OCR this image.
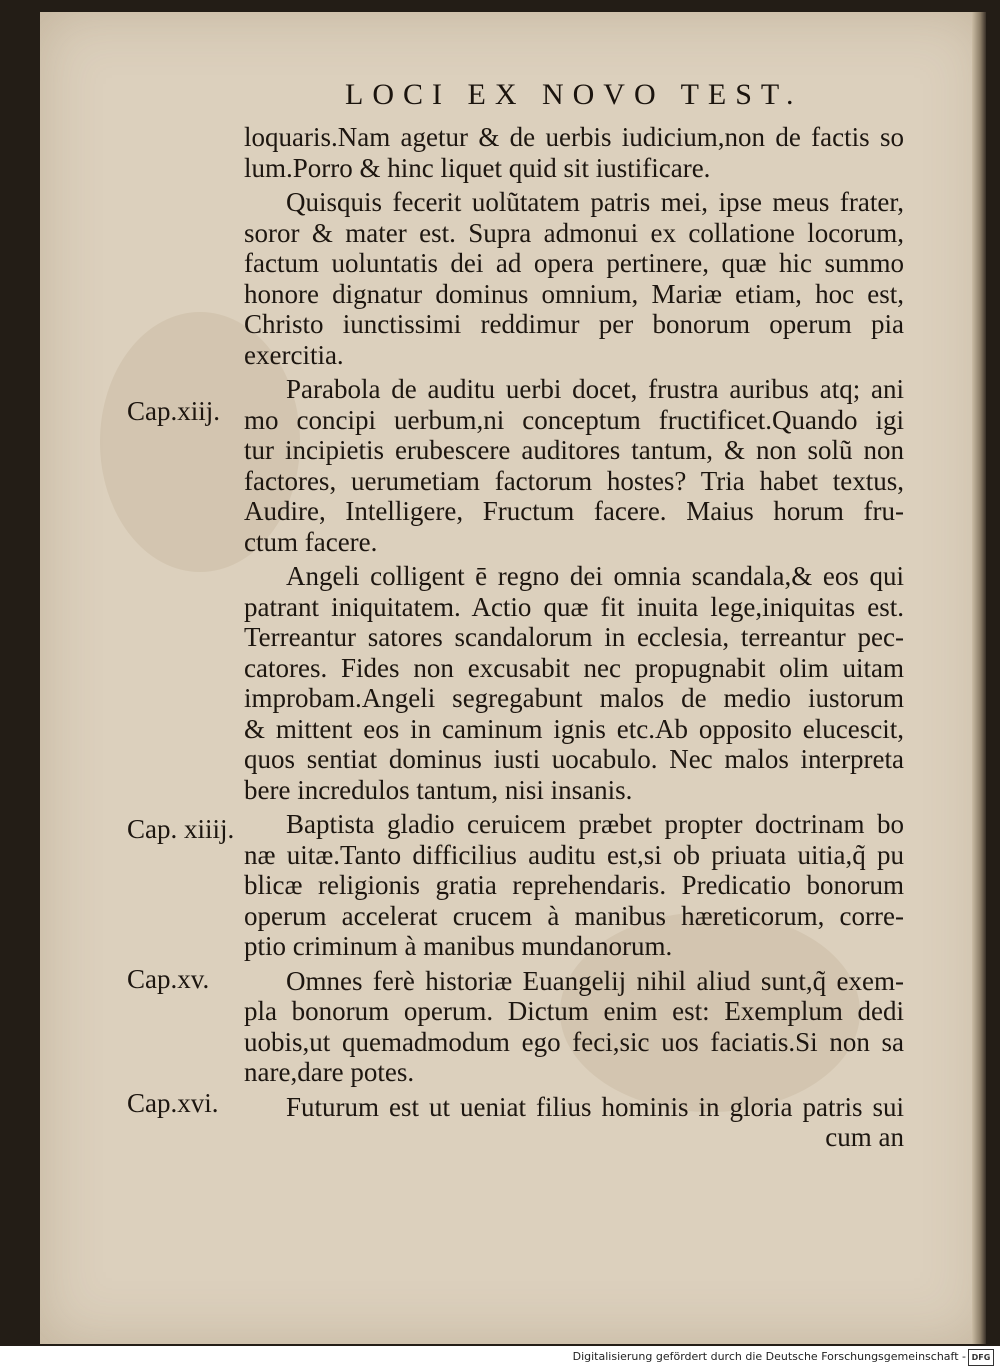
LOCI EX NOVO TEST.
loquaris.Nam agetur & de uerbis iudicium,non de factis so
lum.Porro & hinc liquet quid sit iustificare.
Quisquis fecerit uolũtatem patris mei, ipse meus frater,
soror & mater est. Supra admonui ex collatione locorum,
factum uoluntatis dei ad opera pertinere, quæ hic summo
honore dignatur dominus omnium, Mariæ etiam, hoc est,
Christo iunctissimi reddimur per bonorum operum pia
exercitia.
Parabola de auditu uerbi docet, frustra auribus atq; ani
mo concipi uerbum,ni conceptum fructificet.Quando igi
tur incipietis erubescere auditores tantum, & non solũ non
factores, uerumetiam factorum hostes? Tria habet textus,
Audire, Intelligere, Fructum facere. Maius horum fru-
ctum facere.
Angeli colligent ē regno dei omnia scandala,& eos qui
patrant iniquitatem. Actio quæ fit inuita lege,iniquitas est.
Terreantur satores scandalorum in ecclesia, terreantur pec-
catores. Fides non excusabit nec propugnabit olim uitam
improbam.Angeli segregabunt malos de medio iustorum
& mittent eos in caminum ignis etc.Ab opposito elucescit,
quos sentiat dominus iusti uocabulo. Nec malos interpreta
bere incredulos tantum, nisi insanis.
Baptista gladio ceruicem præbet propter doctrinam bo
næ uitæ.Tanto difficilius auditu est,si ob priuata uitia,q̃ pu
blicæ religionis gratia reprehendaris. Predicatio bonorum
operum accelerat crucem à manibus hæreticorum, corre-
ptio criminum à manibus mundanorum.
Omnes ferè historiæ Euangelij nihil aliud sunt,q̃ exem-
pla bonorum operum. Dictum enim est: Exemplum dedi
uobis,ut quemadmodum ego feci,sic uos faciatis.Si non sa
nare,dare potes.
Futurum est ut ueniat filius hominis in gloria patris sui
cum an
Cap.xiij.
Cap. xiiij.
Cap.xv.
Cap.xvi.
Digitalisierung gefördert durch die Deutsche Forschungsgemeinschaft - DFG
